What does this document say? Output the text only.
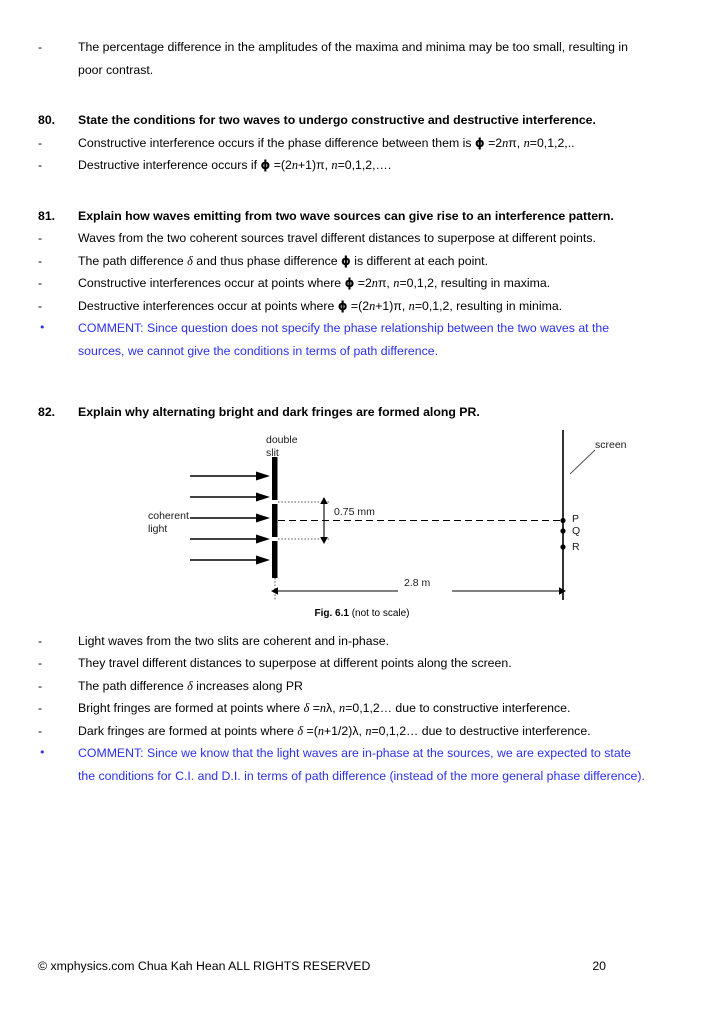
-	The percentage difference in the amplitudes of the maxima and minima may be too small, resulting in
poor contrast.
80.	State the conditions for two waves to undergo constructive and destructive interference.
-	Constructive interference occurs if the phase difference between them is ϕ =2nπ, n=0,1,2,..
-	Destructive interference occurs if ϕ =(2n+1)π, n=0,1,2,….
81.	Explain how waves emitting from two wave sources can give rise to an interference pattern.
-	Waves from the two coherent sources travel different distances to superpose at different points.
-	The path difference δ and thus phase difference ϕ is different at each point.
-	Constructive interferences occur at points where ϕ =2nπ, n=0,1,2, resulting in maxima.
-	Destructive interferences occur at points where ϕ =(2n+1)π, n=0,1,2, resulting in minima.
•	COMMENT: Since question does not specify the phase relationship between the two waves at the
sources, we cannot give the conditions in terms of path difference.
82.	Explain why alternating bright and dark fringes are formed along PR.
double
slit
coherent
light
screen
0.75 mm
2.8 m
P
Q
R
Fig. 6.1 (not to scale)
-	Light waves from the two slits are coherent and in-phase.
-	They travel different distances to superpose at different points along the screen.
-	The path difference δ increases along PR
-	Bright fringes are formed at points where δ =nλ, n=0,1,2… due to constructive interference.
-	Dark fringes are formed at points where δ =(n+1/2)λ, n=0,1,2… due to destructive interference.
•	COMMENT: Since we know that the light waves are in-phase at the sources, we are expected to state
the conditions for C.I. and D.I. in terms of path difference (instead of the more general phase difference).
© xmphysics.com Chua Kah Hean ALL RIGHTS RESERVED	20
